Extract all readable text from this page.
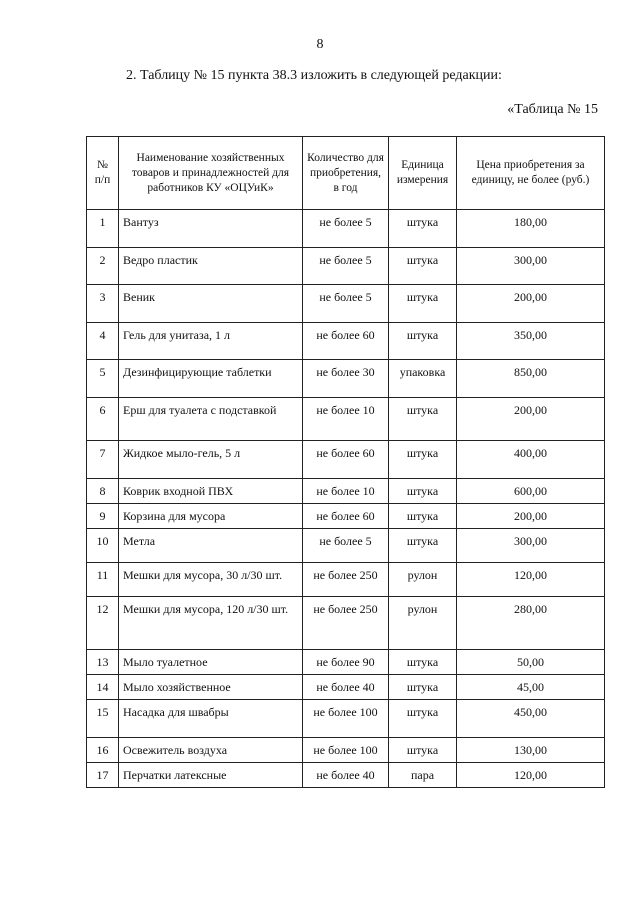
8
2. Таблицу № 15 пункта 38.3 изложить в следующей редакции:
«Таблица № 15
№ п/п	Наименование хозяйственных товаров и принадлежностей для работников КУ «ОЦУиК»	Количество для приобретения, в год	Единица измерения	Цена приобретения за единицу, не более (руб.)
1	Вантуз	не более 5	штука	180,00
2	Ведро пластик	не более 5	штука	300,00
3	Веник	не более 5	штука	200,00
4	Гель для унитаза, 1 л	не более 60	штука	350,00
5	Дезинфицирующие таблетки	не более 30	упаковка	850,00
6	Ерш для туалета с подставкой	не более 10	штука	200,00
7	Жидкое мыло-гель, 5 л	не более 60	штука	400,00
8	Коврик входной ПВХ	не более 10	штука	600,00
9	Корзина для мусора	не более 60	штука	200,00
10	Метла	не более 5	штука	300,00
11	Мешки для мусора, 30 л/30 шт.	не более 250	рулон	120,00
12	Мешки для мусора, 120 л/30 шт.	не более 250	рулон	280,00
13	Мыло туалетное	не более 90	штука	50,00
14	Мыло хозяйственное	не более 40	штука	45,00
15	Насадка для швабры	не более 100	штука	450,00
16	Освежитель воздуха	не более 100	штука	130,00
17	Перчатки латексные	не более 40	пара	120,00
